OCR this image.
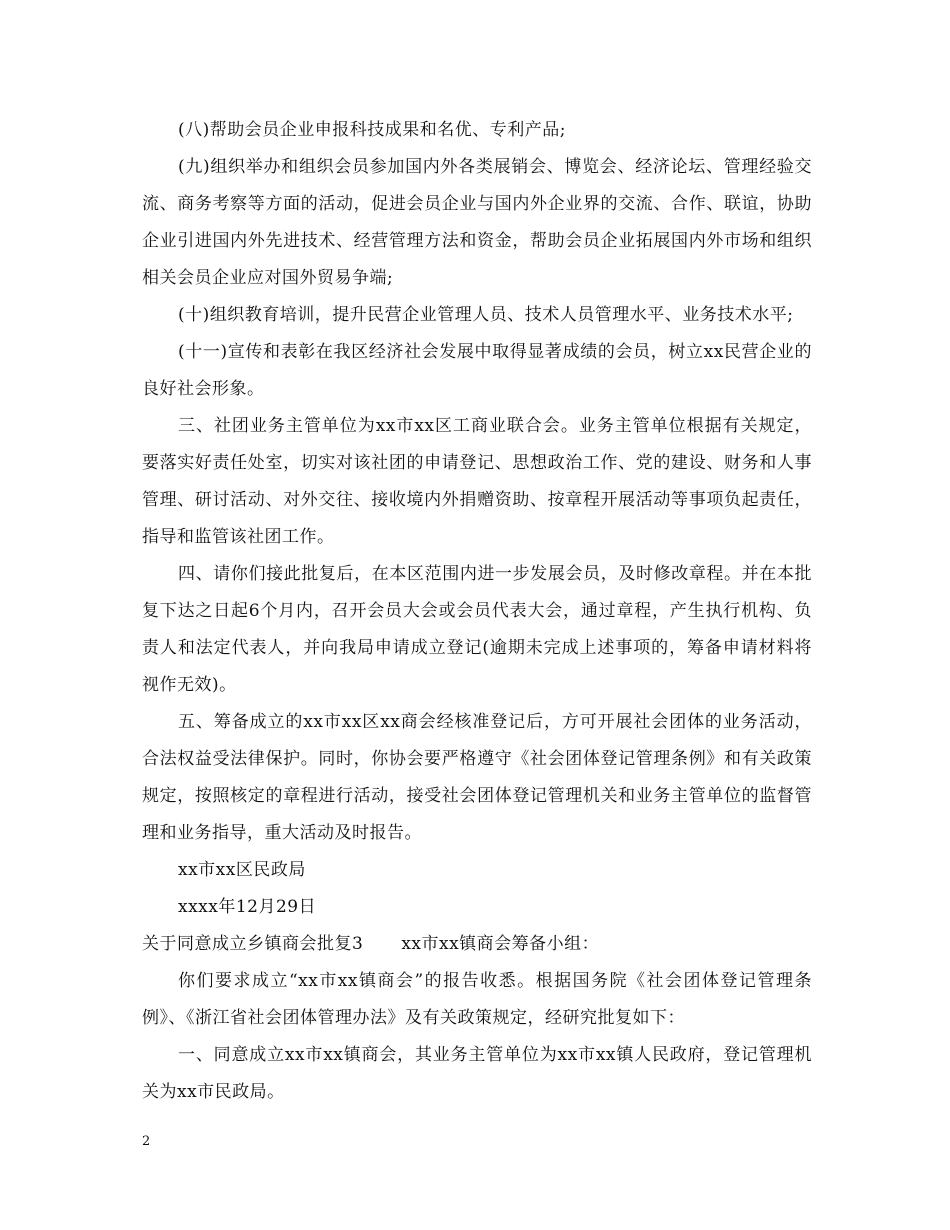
(八)帮助会员企业申报科技成果和名优、专利产品;

(九)组织举办和组织会员参加国内外各类展销会、博览会、经济论坛、管理经验交流、商务考察等方面的活动，促进会员企业与国内外企业界的交流、合作、联谊，协助企业引进国内外先进技术、经营管理方法和资金，帮助会员企业拓展国内外市场和组织相关会员企业应对国外贸易争端;

(十)组织教育培训，提升民营企业管理人员、技术人员管理水平、业务技术水平;

(十一)宣传和表彰在我区经济社会发展中取得显著成绩的会员，树立xx民营企业的良好社会形象。

三、社团业务主管单位为xx市xx区工商业联合会。业务主管单位根据有关规定，要落实好责任处室，切实对该社团的申请登记、思想政治工作、党的建设、财务和人事管理、研讨活动、对外交往、接收境内外捐赠资助、按章程开展活动等事项负起责任，指导和监管该社团工作。

四、请你们接此批复后，在本区范围内进一步发展会员，及时修改章程。并在本批复下达之日起6个月内，召开会员大会或会员代表大会，通过章程，产生执行机构、负责人和法定代表人，并向我局申请成立登记(逾期未完成上述事项的，筹备申请材料将视作无效)。

五、筹备成立的xx市xx区xx商会经核准登记后，方可开展社会团体的业务活动，合法权益受法律保护。同时，你协会要严格遵守《社会团体登记管理条例》和有关政策规定，按照核定的章程进行活动，接受社会团体登记管理机关和业务主管单位的监督管理和业务指导，重大活动及时报告。

xx市xx区民政局

xxxx年12月29日

关于同意成立乡镇商会批复3 xx市xx镇商会筹备小组：

你们要求成立“xx市xx镇商会”的报告收悉。根据国务院《社会团体登记管理条例》、《浙江省社会团体管理办法》及有关政策规定，经研究批复如下：

一、同意成立xx市xx镇商会，其业务主管单位为xx市xx镇人民政府，登记管理机关为xx市民政局。

2
